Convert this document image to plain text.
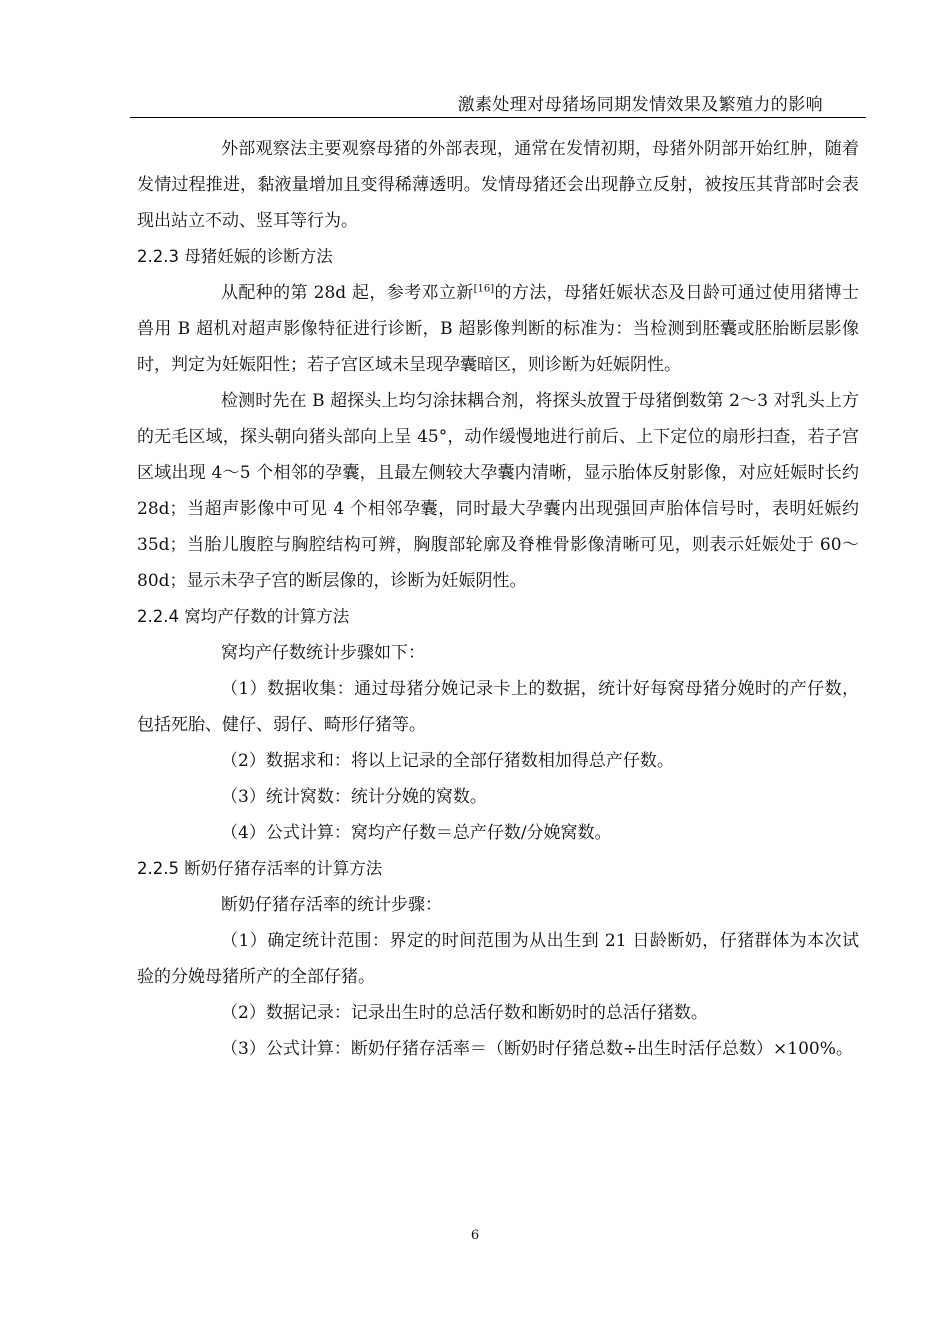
激素处理对母猪场同期发情效果及繁殖力的影响

外部观察法主要观察母猪的外部表现，通常在发情初期，母猪外阴部开始红肿，随着发情过程推进，黏液量增加且变得稀薄透明。发情母猪还会出现静立反射，被按压其背部时会表现出站立不动、竖耳等行为。

2.2.3 母猪妊娠的诊断方法

从配种的第 28d 起，参考邓立新[16]的方法，母猪妊娠状态及日龄可通过使用猪博士兽用 B 超机对超声影像特征进行诊断，B 超影像判断的标准为：当检测到胚囊或胚胎断层影像时，判定为妊娠阳性；若子宫区域未呈现孕囊暗区，则诊断为妊娠阴性。

检测时先在 B 超探头上均匀涂抹耦合剂，将探头放置于母猪倒数第 2～3 对乳头上方的无毛区域，探头朝向猪头部向上呈 45°，动作缓慢地进行前后、上下定位的扇形扫查，若子宫区域出现 4～5 个相邻的孕囊，且最左侧较大孕囊内清晰，显示胎体反射影像，对应妊娠时长约 28d；当超声影像中可见 4 个相邻孕囊，同时最大孕囊内出现强回声胎体信号时，表明妊娠约 35d；当胎儿腹腔与胸腔结构可辨，胸腹部轮廓及脊椎骨影像清晰可见，则表示妊娠处于 60～80d；显示未孕子宫的断层像的，诊断为妊娠阴性。

2.2.4 窝均产仔数的计算方法

窝均产仔数统计步骤如下：

（1）数据收集：通过母猪分娩记录卡上的数据，统计好每窝母猪分娩时的产仔数，包括死胎、健仔、弱仔、畸形仔猪等。

（2）数据求和：将以上记录的全部仔猪数相加得总产仔数。

（3）统计窝数：统计分娩的窝数。

（4）公式计算：窝均产仔数＝总产仔数/分娩窝数。

2.2.5 断奶仔猪存活率的计算方法

断奶仔猪存活率的统计步骤：

（1）确定统计范围：界定的时间范围为从出生到 21 日龄断奶，仔猪群体为本次试验的分娩母猪所产的全部仔猪。

（2）数据记录：记录出生时的总活仔数和断奶时的总活仔猪数。

（3）公式计算：断奶仔猪存活率＝（断奶时仔猪总数÷出生时活仔总数）×100%。

6
